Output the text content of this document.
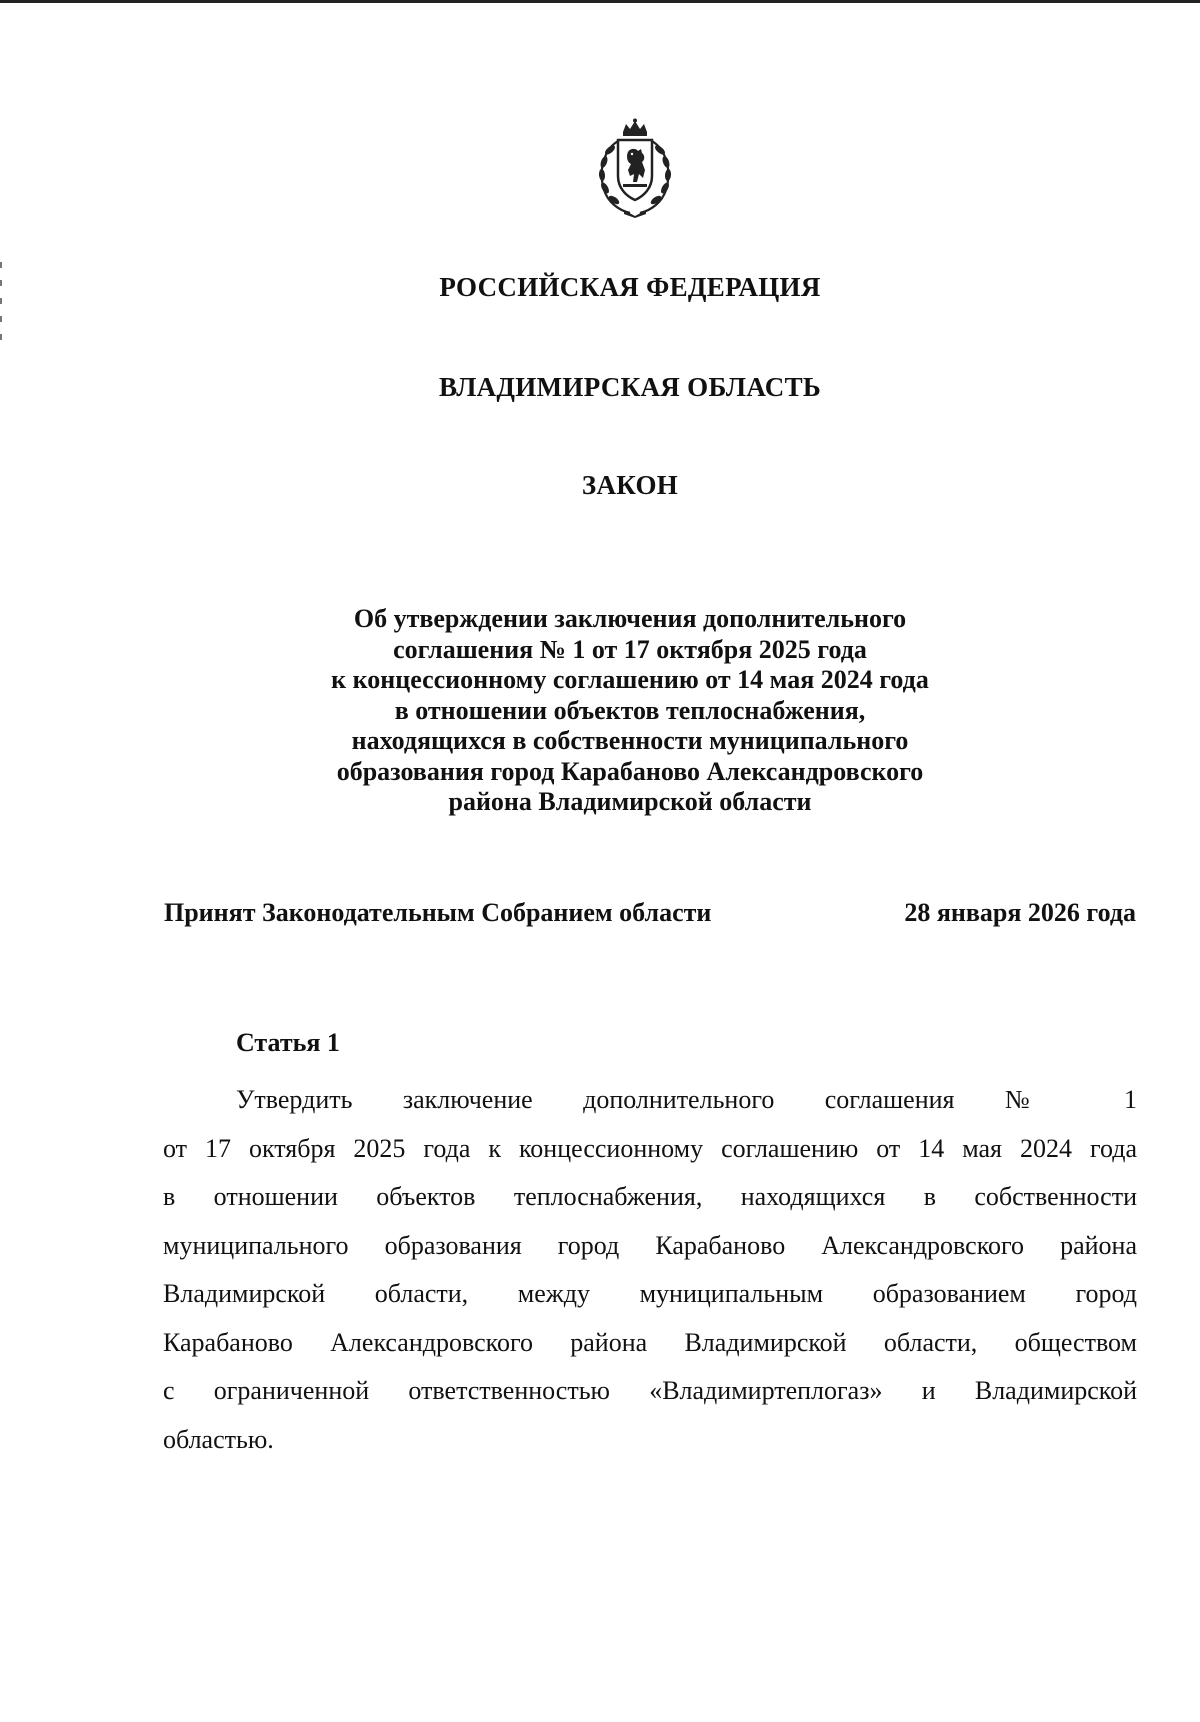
РОССИЙСКАЯ ФЕДЕРАЦИЯ
ВЛАДИМИРСКАЯ ОБЛАСТЬ
ЗАКОН
Об утверждении заключения дополнительного
соглашения № 1 от 17 октября 2025 года
к концессионному соглашению от 14 мая 2024 года
в отношении объектов теплоснабжения,
находящихся в собственности муниципального
образования город Карабаново Александровского
района Владимирской области
Принят Законодательным Собранием области	28 января 2026 года
Статья 1
Утвердить заключение дополнительного соглашения № 1
от 17 октября 2025 года к концессионному соглашению от 14 мая 2024 года
в отношении объектов теплоснабжения, находящихся в собственности
муниципального образования город Карабаново Александровского района
Владимирской области, между муниципальным образованием город
Карабаново Александровского района Владимирской области, обществом
с ограниченной ответственностью «Владимиртеплогаз» и Владимирской
областью.
